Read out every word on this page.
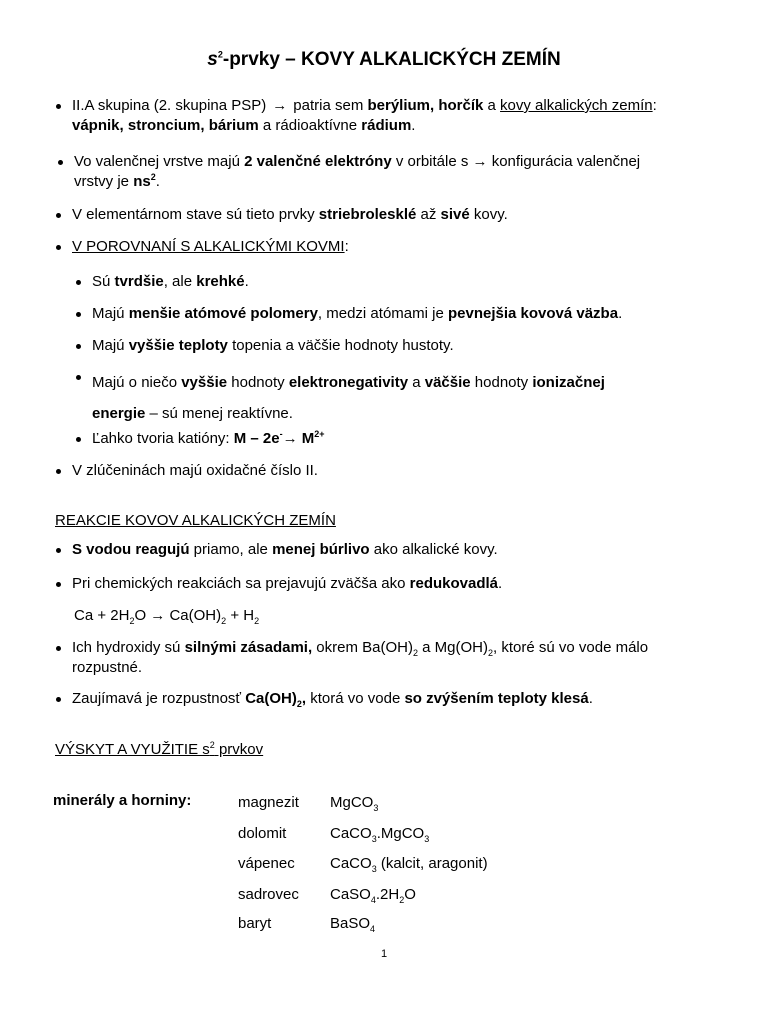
$s^2$-prvky – KOVY ALKALICKÝCH ZEMÍN
II.A skupina (2. skupina PSP) → patria sem berýlium, horčík a kovy alkalických zemín:
vápnik, stroncium, bárium a rádioaktívne rádium.
Vo valenčnej vrstve majú 2 valenčné elektróny v orbitále s → konfigurácia valenčnej
vrstvy je $ns^2$.
V elementárnom stave sú tieto prvky striebrolesklé až sivé kovy.
V POROVNANÍ S ALKALICKÝMI KOVMI:
Sú tvrdšie, ale krehké.
Majú menšie atómové polomery, medzi atómami je pevnejšia kovová väzba.
Majú vyššie teploty topenia a väčšie hodnoty hustoty.
Majú o niečo vyššie hodnoty elektronegativity a väčšie hodnoty ionizačnej
energie – sú menej reaktívne.
Ľahko tvoria katióny: $M - 2e^-\to M^{2+}$
V zlúčeninách majú oxidačné číslo II.
REAKCIE KOVOV ALKALICKÝCH ZEMÍN
S vodou reagujú priamo, ale menej búrlivo ako alkalické kovy.
Pri chemických reakciách sa prejavujú zväčša ako redukovadlá.
$Ca + 2H_2O \to Ca(OH)_2 + H_2$
Ich hydroxidy sú silnými zásadami, okrem $Ba(OH)_2$ a $Mg(OH)_2$, ktoré sú vo vode málo
rozpustné.
Zaujímavá je rozpustnosť $Ca(OH)_2$, ktorá vo vode so zvýšením teploty klesá.
VÝSKYT A VYUŽITIE $s^2$ prvkov
minerály a horniny:	magnezit MgCO$_3$
dolomit	CaCO$_3$.MgCO$_3$
vápenec CaCO$_3$ (kalcit, aragonit)
sadrovec $CaSO_4.2H_2O$
baryt	BaSO$_4$
1
